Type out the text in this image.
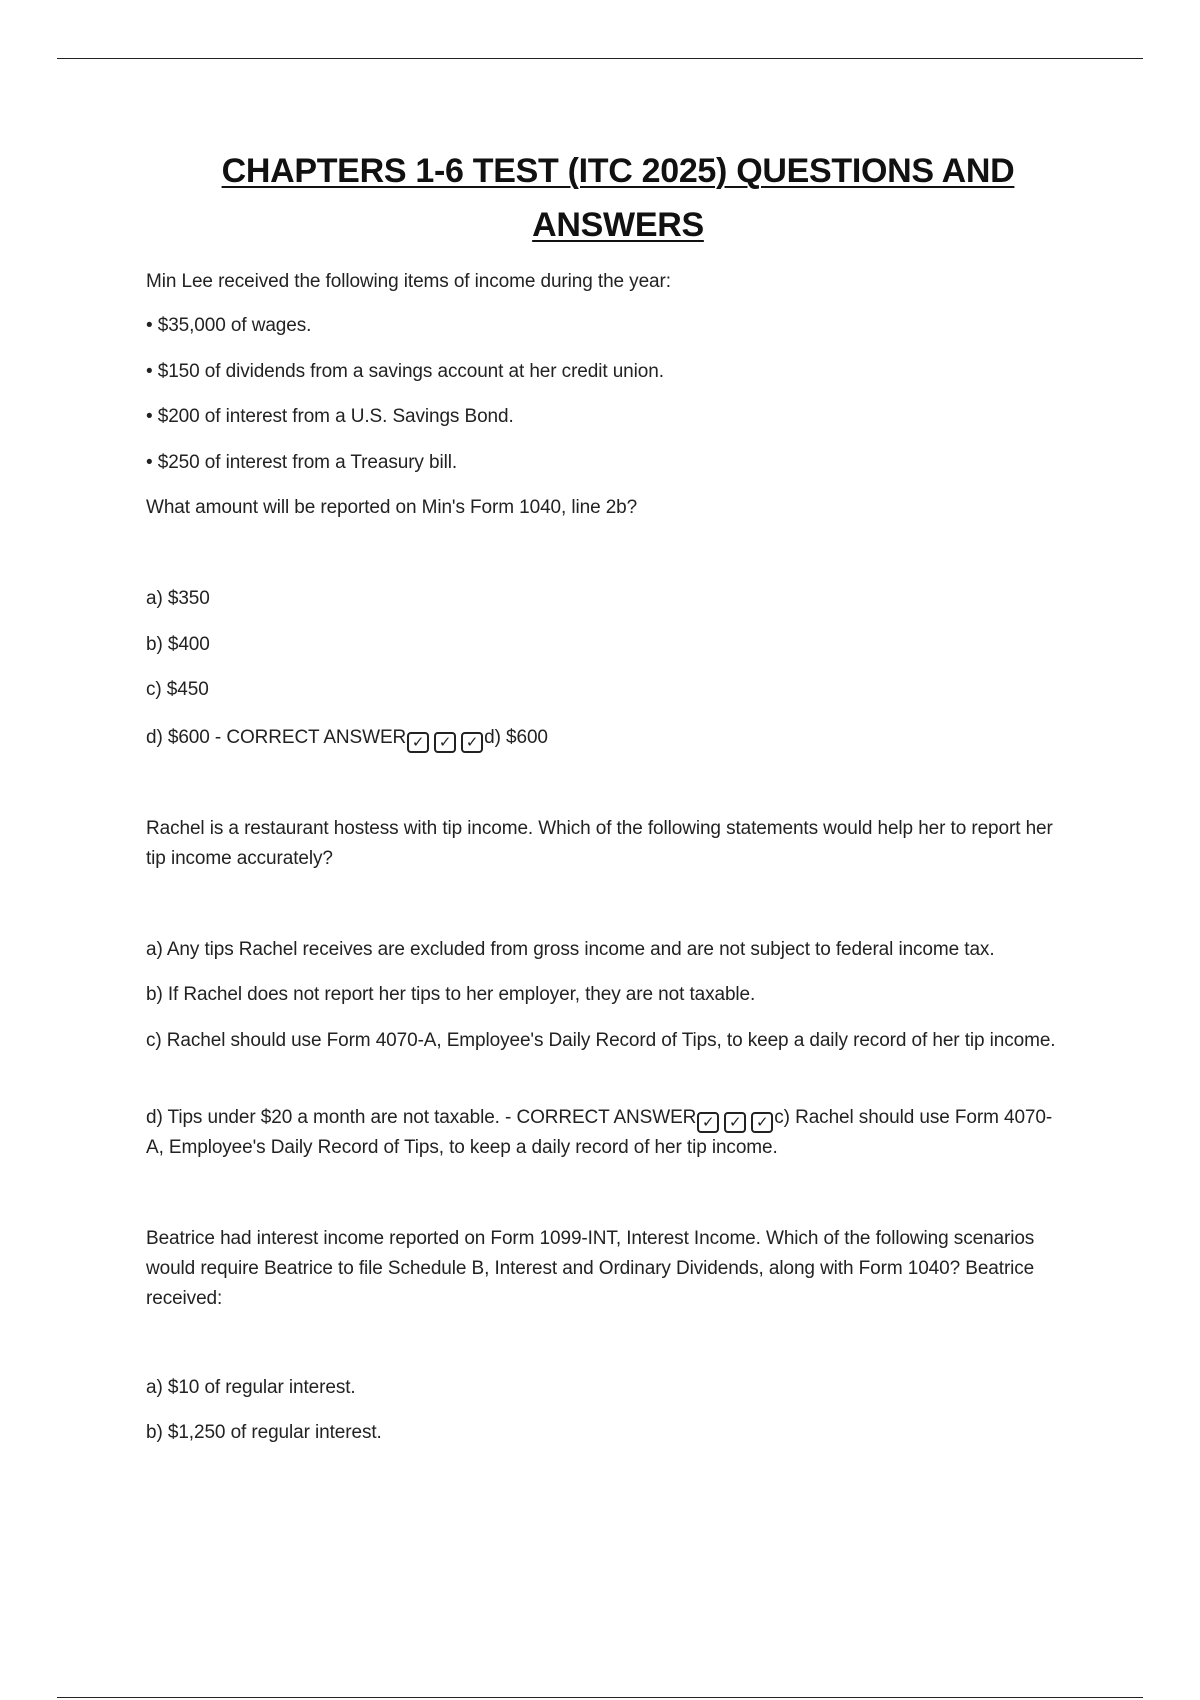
CHAPTERS 1-6 TEST (ITC 2025) QUESTIONS AND
ANSWERS
Min Lee received the following items of income during the year:
• $35,000 of wages.
• $150 of dividends from a savings account at her credit union.
• $200 of interest from a U.S. Savings Bond.
• $250 of interest from a Treasury bill.
What amount will be reported on Min's Form 1040, line 2b?
a) $350
b) $400
c) $450
d) $600 - CORRECT ANSWER ✓ ✓ ✓ d) $600
Rachel is a restaurant hostess with tip income. Which of the following statements would help her to report her tip income accurately?
a) Any tips Rachel receives are excluded from gross income and are not subject to federal income tax.
b) If Rachel does not report her tips to her employer, they are not taxable.
c) Rachel should use Form 4070-A, Employee's Daily Record of Tips, to keep a daily record of her tip income.
d) Tips under $20 a month are not taxable. - CORRECT ANSWER ✓ ✓ ✓ c) Rachel should use Form 4070-A, Employee's Daily Record of Tips, to keep a daily record of her tip income.
Beatrice had interest income reported on Form 1099-INT, Interest Income. Which of the following scenarios would require Beatrice to file Schedule B, Interest and Ordinary Dividends, along with Form 1040? Beatrice received:
a) $10 of regular interest.
b) $1,250 of regular interest.
